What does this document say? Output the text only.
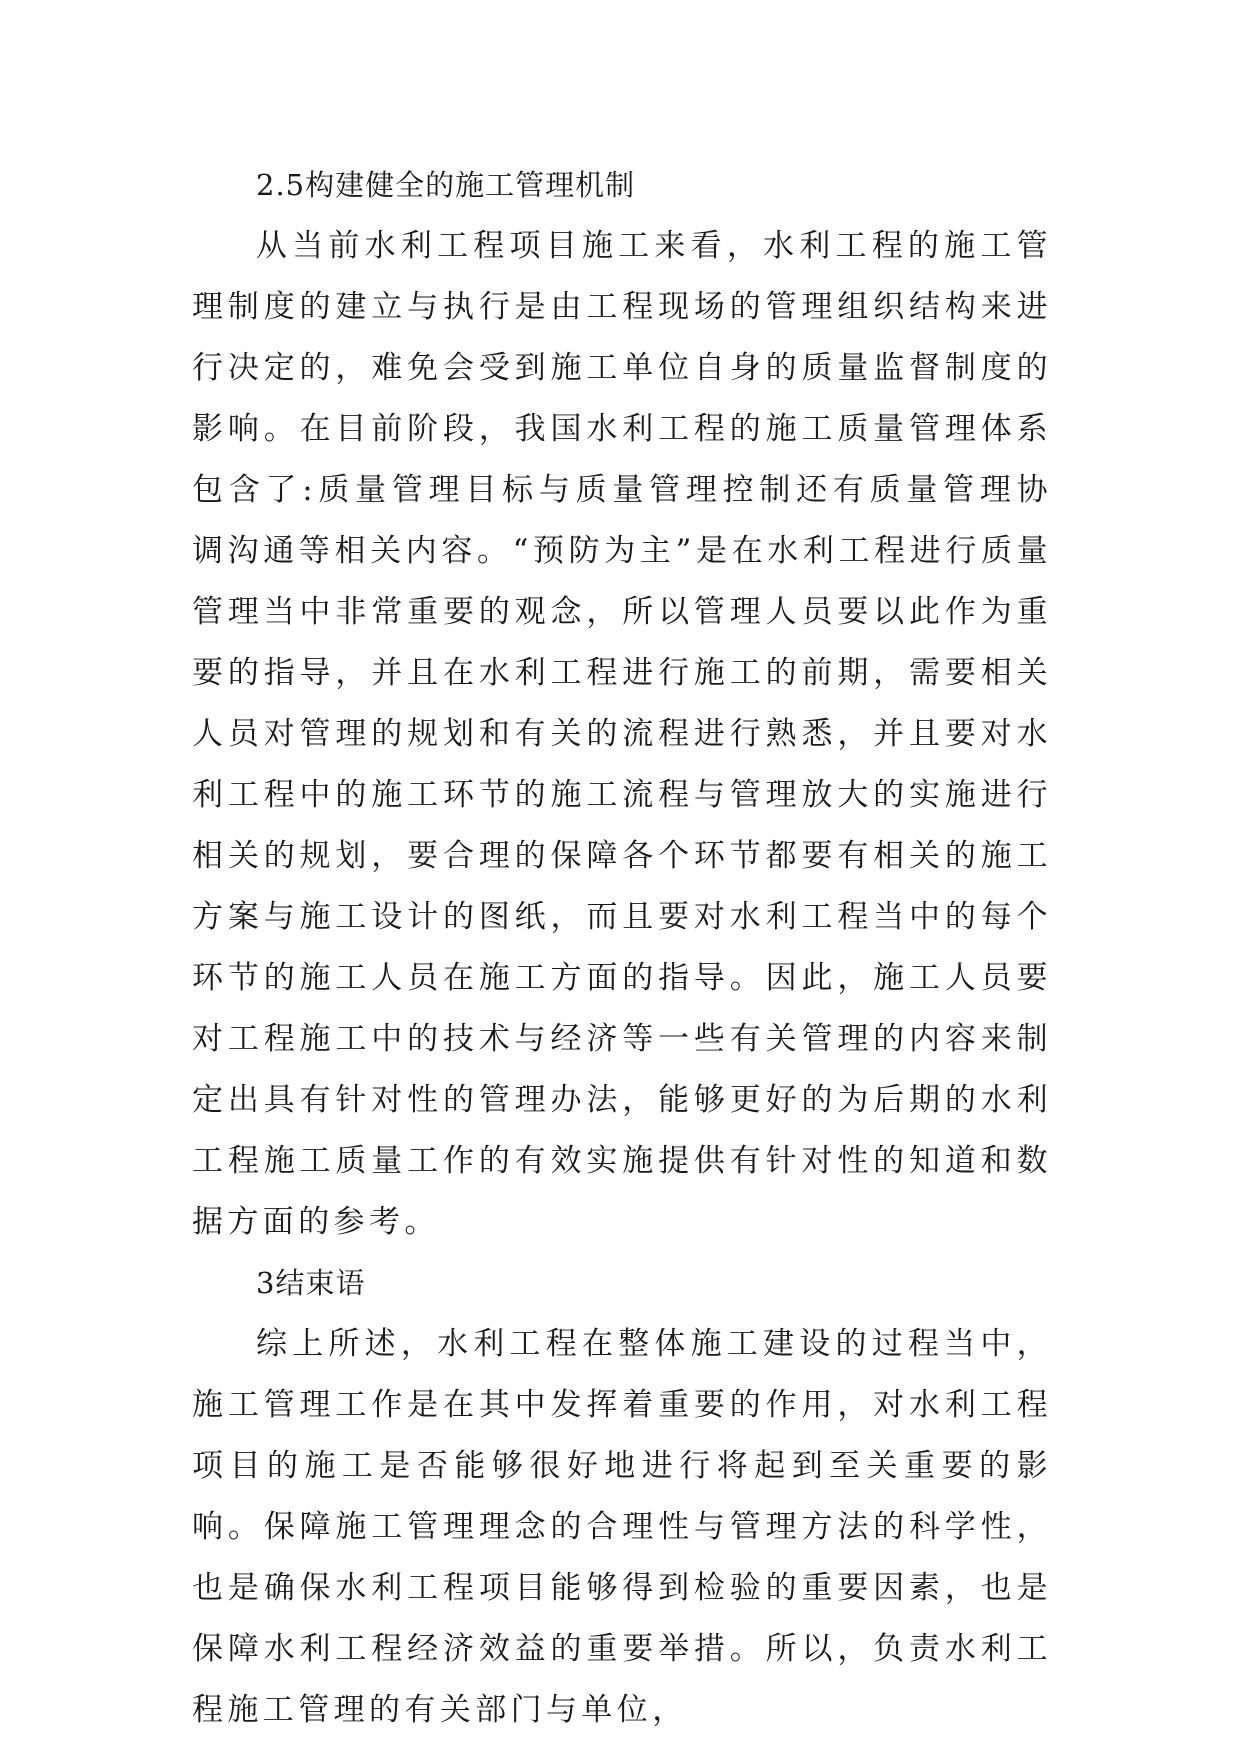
2.5构建健全的施工管理机制

从当前水利工程项目施工来看，水利工程的施工管理制度的建立与执行是由工程现场的管理组织结构来进行决定的，难免会受到施工单位自身的质量监督制度的影响。在目前阶段，我国水利工程的施工质量管理体系包含了:质量管理目标与质量管理控制还有质量管理协调沟通等相关内容。“预防为主”是在水利工程进行质量管理当中非常重要的观念，所以管理人员要以此作为重要的指导，并且在水利工程进行施工的前期，需要相关人员对管理的规划和有关的流程进行熟悉，并且要对水利工程中的施工环节的施工流程与管理放大的实施进行相关的规划，要合理的保障各个环节都要有相关的施工方案与施工设计的图纸，而且要对水利工程当中的每个环节的施工人员在施工方面的指导。因此，施工人员要对工程施工中的技术与经济等一些有关管理的内容来制定出具有针对性的管理办法，能够更好的为后期的水利工程施工质量工作的有效实施提供有针对性的知道和数据方面的参考。

3结束语

综上所述，水利工程在整体施工建设的过程当中，施工管理工作是在其中发挥着重要的作用，对水利工程项目的施工是否能够很好地进行将起到至关重要的影响。保障施工管理理念的合理性与管理方法的科学性，也是确保水利工程项目能够得到检验的重要因素，也是保障水利工程经济效益的重要举措。所以，负责水利工程施工管理的有关部门与单位，
